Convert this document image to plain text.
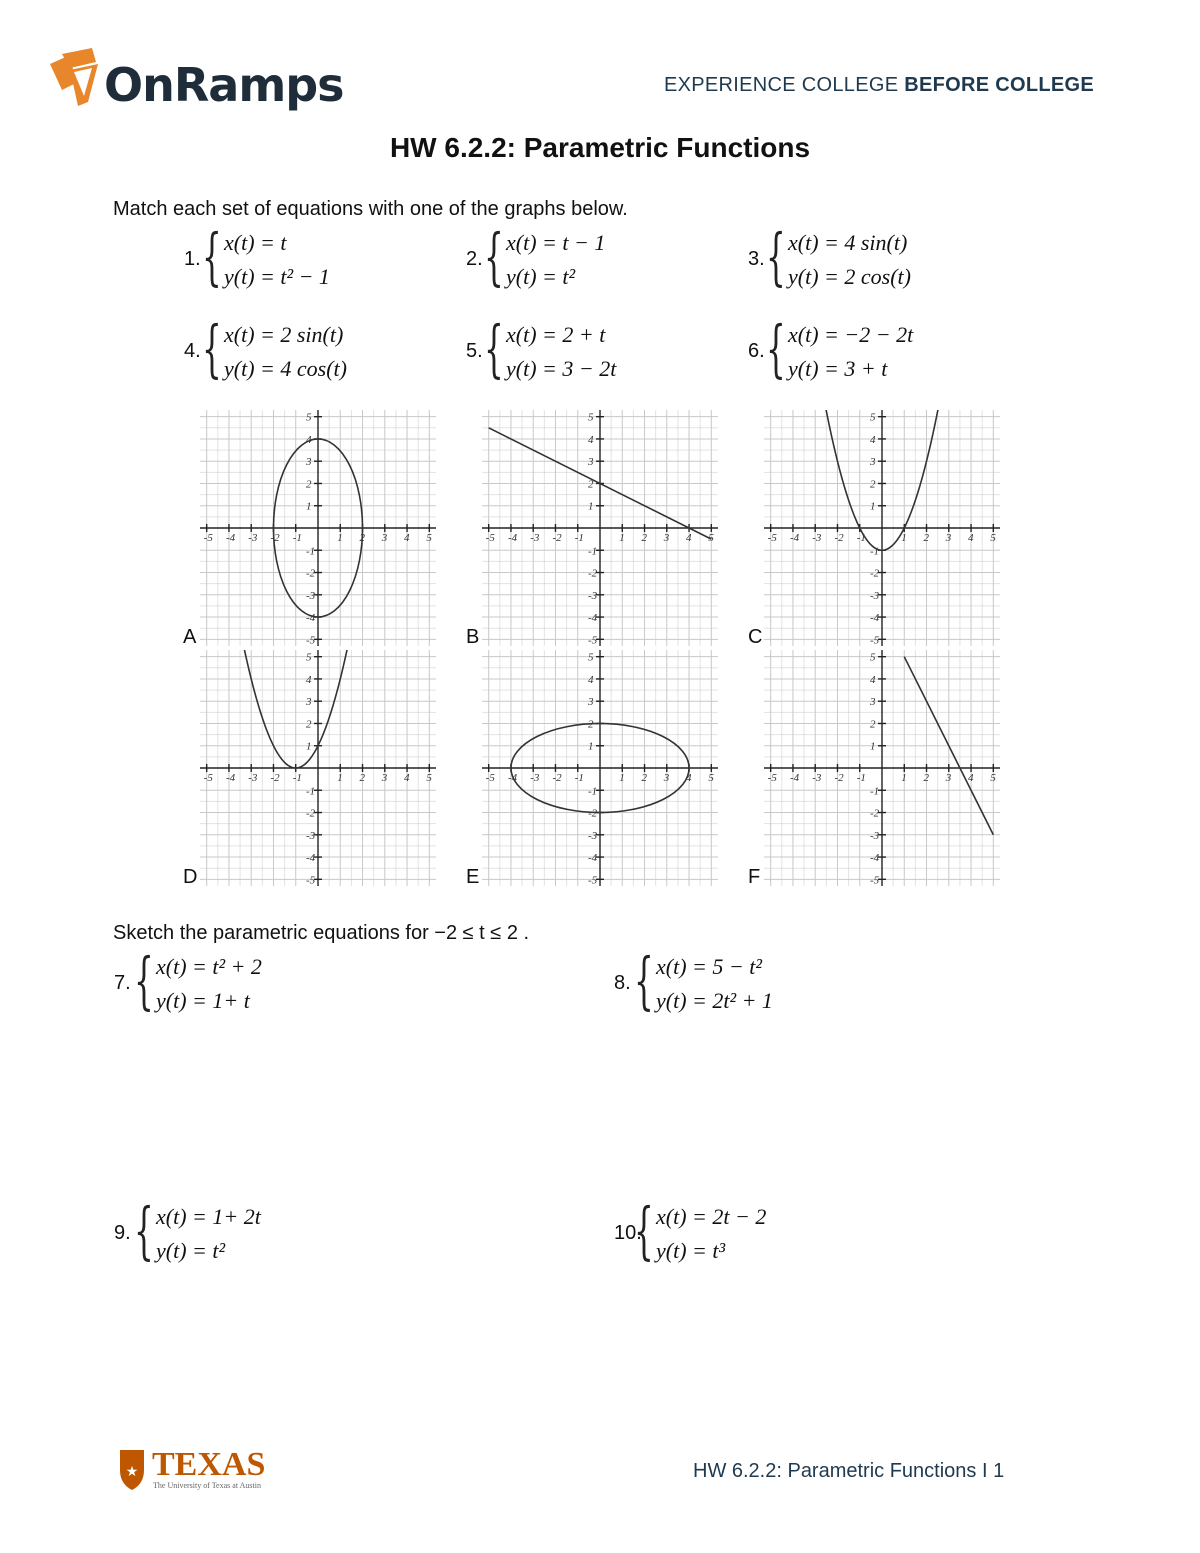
OnRamps	EXPERIENCE COLLEGE BEFORE COLLEGE
HW 6.2.2: Parametric Functions
Match each set of equations with one of the graphs below.
1. { x(t) = t
y(t) = t² − 1
2. { x(t) = t − 1
y(t) = t²
3. { x(t) = 4 sin(t)
y(t) = 2 cos(t)
4. { x(t) = 2 sin(t)
y(t) = 4 cos(t)
5. { x(t) = 2 + t
y(t) = 3 − 2t
6. { x(t) = −2 − 2t
y(t) = 3 + t
-5
-5
-4
-4
-3
-3
-2
-2
-1
-1
1
1
2
2
3
3
4
4
5
5
A
-5
-5
-4
-4
-3
-3
-2
-2
-1
-1
1
1
2
2
3
3
4
4
5
5
B
-5
-5
-4
-4
-3
-3
-2
-2
-1
-1
1
1
2
2
3
3
4
4
5
5
C
-5
-5
-4
-4
-3
-3
-2
-2
-1
-1
1
1
2
2
3
3
4
4
5
5
D
-5
-5
-4
-4
-3
-3
-2
-2
-1
-1
1
1
2
2
3
3
4
4
5
5
E
-5
-5
-4
-4
-3
-3
-2
-2
-1
-1
1
1
2
2
3
3
4
4
5
5
F
Sketch the parametric equations for −2 ≤ t ≤ 2 .
7. { x(t) = t² + 2
y(t) = 1+ t
8. { x(t) = 5 − t²
y(t) = 2t² + 1
9. { x(t) = 1+ 2t
y(t) = t²
10.
{ x(t) = 2t − 2
y(t) = t³
★ TEXAS
The University of Texas at Austin
HW 6.2.2: Parametric Functions I 1
